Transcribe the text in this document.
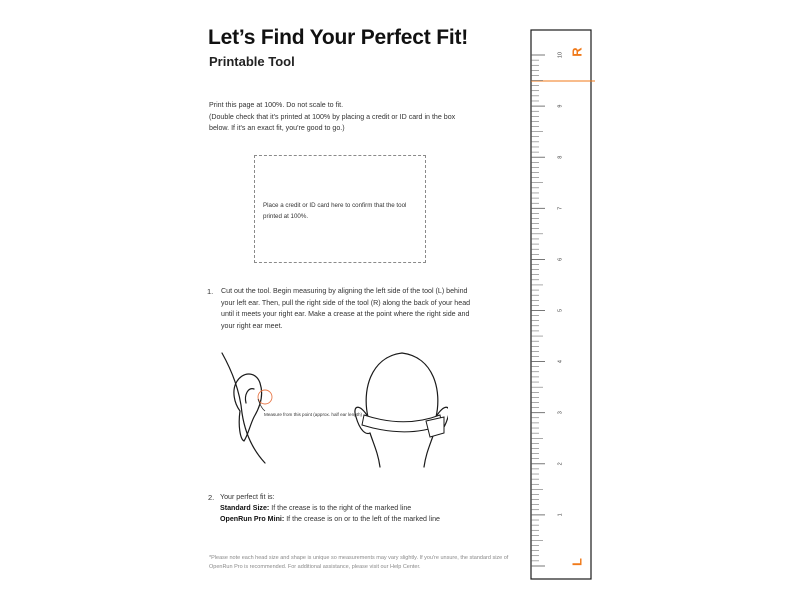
Let’s Find Your Perfect Fit!
Printable Tool

Print this page at 100%. Do not scale to fit.

(Double check that it's printed at 100% by placing a credit or ID card in the box below. If it's an exact fit, you're good to go.)

Place a credit or ID card here to confirm that the tool printed at 100%.
1. Cut out the tool. Begin measuring by aligning the left side of the tool (L) behind your left ear. Then, pull the right side of the tool (R) along the back of your head until it meets your right ear. Make a crease at the point where the right side and your right ear meet.
Measure from this point (approx. half ear length)
2. Your perfect fit is:
Standard Size: If the crease is to the right of the marked line
OpenRun Pro Mini: If the crease is on or to the left of the marked line
*Please note each head size and shape is unique so measurements may vary slightly. If you're unsure, the standard size of OpenRun Pro is recommended. For additional assistance, please visit our Help Center.
1
2
3
4
5
6
7
8
9
10
L
R
